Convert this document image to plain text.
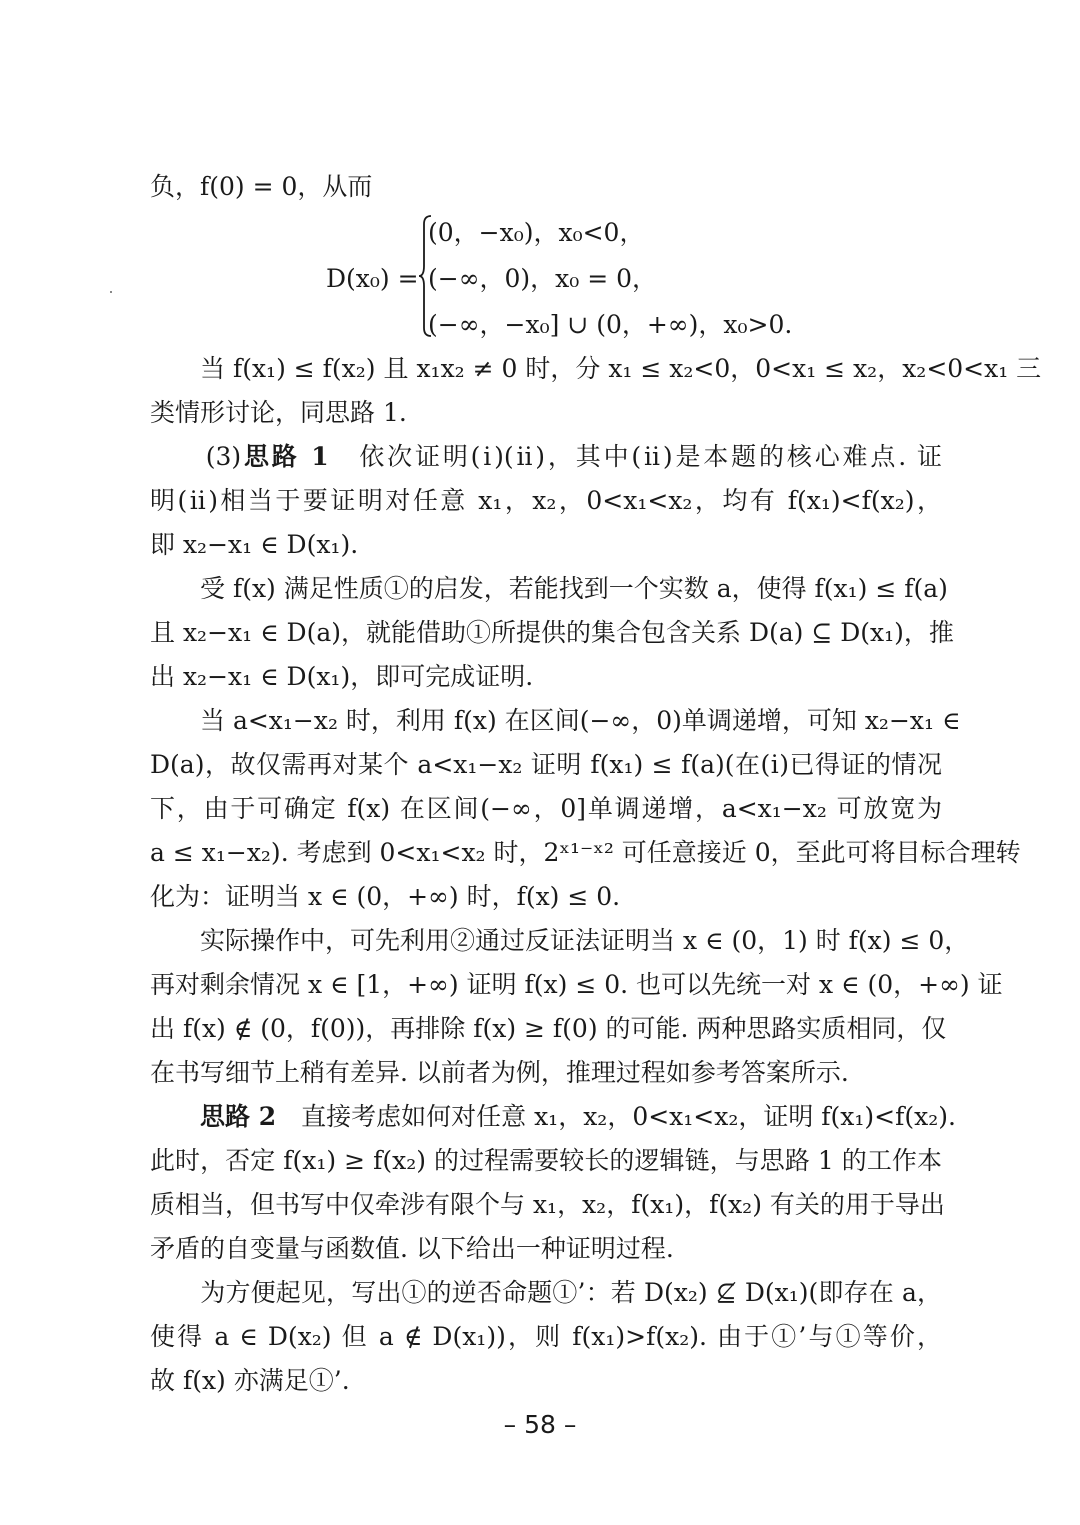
负，f(0) = 0，从而
D(x₀) =
(0，−x₀)，x₀<0，
(−∞，0)，x₀ = 0，
(−∞，−x₀] ∪ (0，+∞)，x₀>0.
　　当 f(x₁) ≤ f(x₂) 且 x₁x₂ ≠ 0 时，分 x₁ ≤ x₂<0，0<x₁ ≤ x₂，x₂<0<x₁ 三
类情形讨论，同思路 1.
　　(3)思路 1　依次证明(ⅰ)(ⅱ)，其中(ⅱ)是本题的核心难点. 证
明(ⅱ)相当于要证明对任意 x₁，x₂，0<x₁<x₂，均有 f(x₁)<f(x₂)，
即 x₂−x₁ ∈ D(x₁).
　　受 f(x) 满足性质①的启发，若能找到一个实数 a，使得 f(x₁) ≤ f(a)
且 x₂−x₁ ∈ D(a)，就能借助①所提供的集合包含关系 D(a) ⊆ D(x₁)，推
出 x₂−x₁ ∈ D(x₁)，即可完成证明.
　　当 a<x₁−x₂ 时，利用 f(x) 在区间(−∞，0)单调递增，可知 x₂−x₁ ∈
D(a)，故仅需再对某个 a<x₁−x₂ 证明 f(x₁) ≤ f(a)(在(ⅰ)已得证的情况
下，由于可确定 f(x) 在区间(−∞，0]单调递增，a<x₁−x₂ 可放宽为
a ≤ x₁−x₂). 考虑到 0<x₁<x₂ 时，2ˣ¹⁻ˣ² 可任意接近 0，至此可将目标合理转
化为：证明当 x ∈ (0，+∞) 时，f(x) ≤ 0.
　　实际操作中，可先利用②通过反证法证明当 x ∈ (0，1) 时 f(x) ≤ 0，
再对剩余情况 x ∈ [1，+∞) 证明 f(x) ≤ 0. 也可以先统一对 x ∈ (0，+∞) 证
出 f(x) ∉ (0，f(0))，再排除 f(x) ≥ f(0) 的可能. 两种思路实质相同，仅
在书写细节上稍有差异. 以前者为例，推理过程如参考答案所示.
　　思路 2　直接考虑如何对任意 x₁，x₂，0<x₁<x₂，证明 f(x₁)<f(x₂).
此时，否定 f(x₁) ≥ f(x₂) 的过程需要较长的逻辑链，与思路 1 的工作本
质相当，但书写中仅牵涉有限个与 x₁，x₂，f(x₁)，f(x₂) 有关的用于导出
矛盾的自变量与函数值. 以下给出一种证明过程.
　　为方便起见，写出①的逆否命题①’：若 D(x₂) ⊈ D(x₁)(即存在 a，
使得 a ∈ D(x₂) 但 a ∉ D(x₁))，则 f(x₁)>f(x₂). 由于①’与①等价，
故 f(x) 亦满足①’.
– 58 –
